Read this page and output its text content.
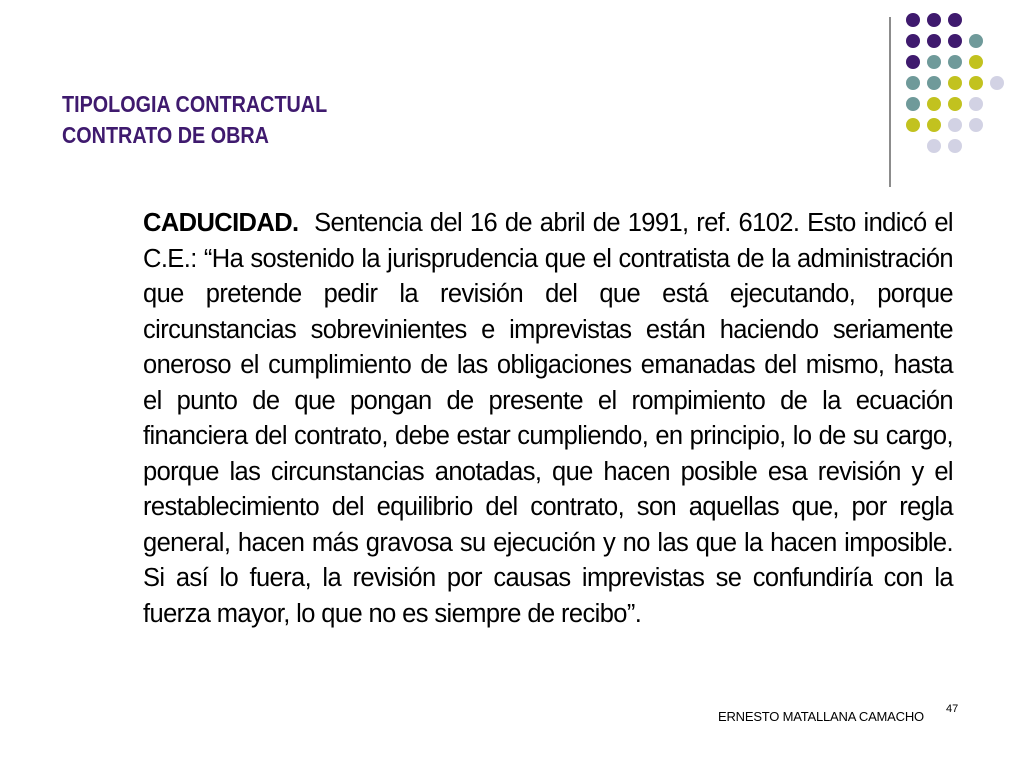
TIPOLOGIA CONTRACTUAL
CONTRATO DE OBRA
CADUCIDAD. Sentencia del 16 de abril de 1991, ref. 6102. Esto indicó el C.E.: “Ha sostenido la jurisprudencia que el contratista de la administración que pretende pedir la revisión del que está ejecutando, porque circunstancias sobrevinientes e imprevistas están haciendo seriamente oneroso el cumplimiento de las obligaciones emanadas del mismo, hasta el punto de que pongan de presente el rompimiento de la ecuación financiera del contrato, debe estar cumpliendo, en principio, lo de su cargo, porque las circunstancias anotadas, que hacen posible esa revisión y el restablecimiento del equilibrio del contrato, son aquellas que, por regla general, hacen más gravosa su ejecución y no las que la hacen imposible. Si así lo fuera, la revisión por causas imprevistas se confundiría con la fuerza mayor, lo que no es siempre de recibo”.
ERNESTO MATALLANA CAMACHO 47
